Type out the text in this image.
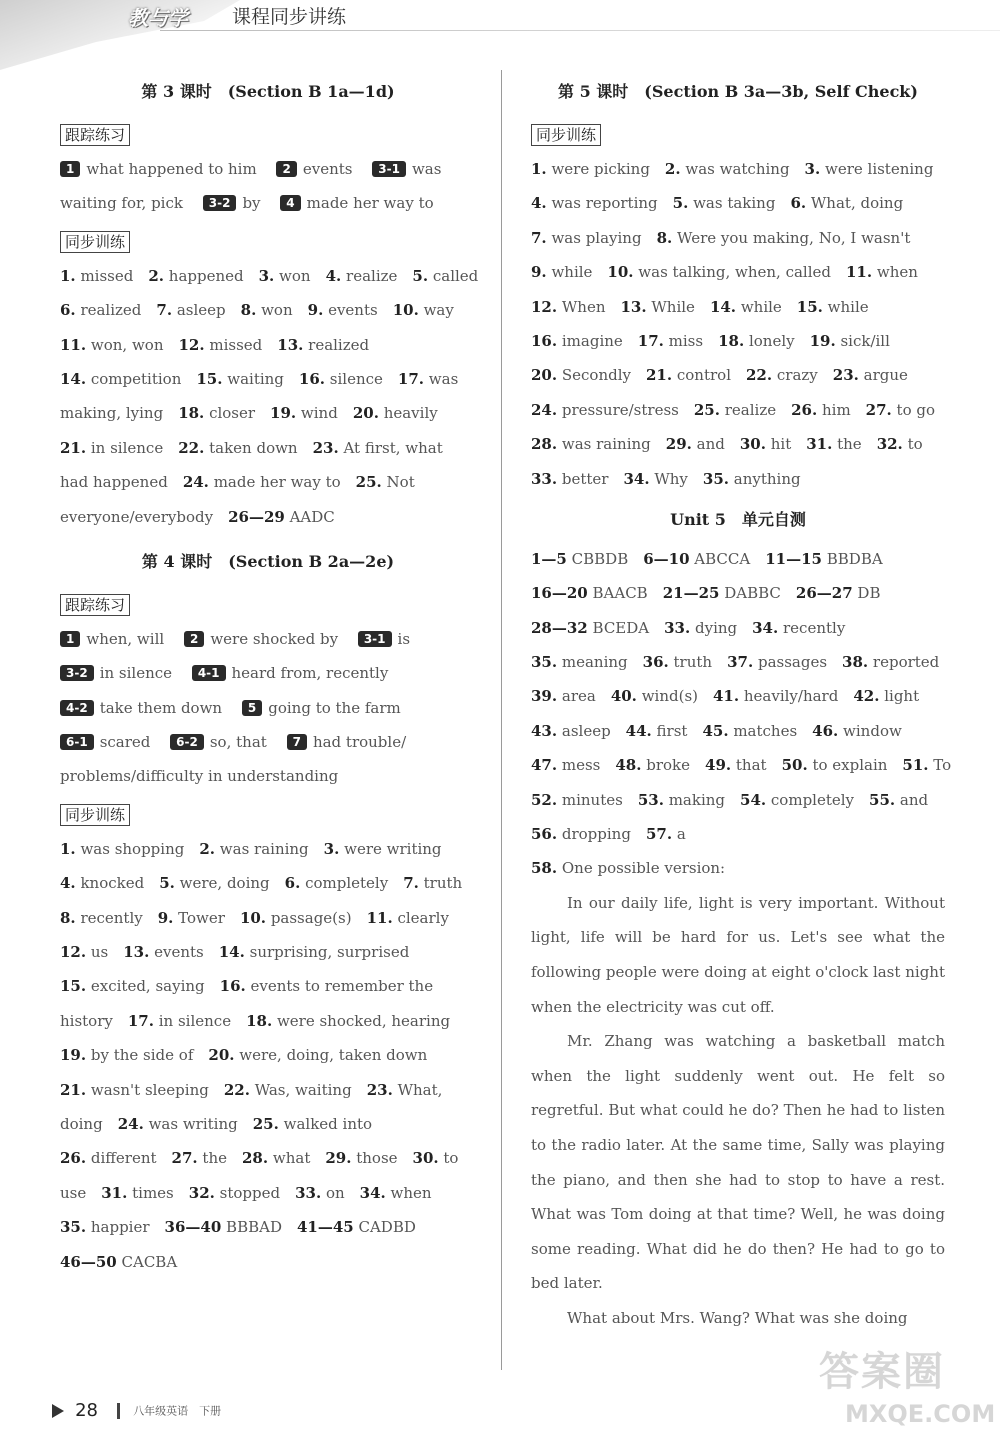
教与学 课程同步讲练
第 3 课时　(Section B 1a—1d)
跟踪练习
1 what happened to him　 2 events　 3-1 was
waiting for, pick　 3-2 by　 4 made her way to
同步训练
1. missed　2. happened　3. won　4. realize　5. called
6. realized　7. asleep　8. won　9. events　10. way
11. won, won　12. missed　13. realized
14. competition　15. waiting　16. silence　17. was
making, lying　18. closer　19. wind　20. heavily
21. in silence　22. taken down　23. At first, what
had happened　24. made her way to　25. Not
everyone/everybody　26—29 AADC
第 4 课时　(Section B 2a—2e)
跟踪练习
1 when, will　 2 were shocked by　 3-1 is
3-2 in silence　 4-1 heard from, recently
4-2 take them down　 5 going to the farm
6-1 scared　 6-2 so, that　 7 had trouble/
problems/difficulty in understanding
同步训练
1. was shopping　2. was raining　3. were writing
4. knocked　5. were, doing　6. completely　7. truth
8. recently　9. Tower　10. passage(s)　11. clearly
12. us　13. events　14. surprising, surprised
15. excited, saying　16. events to remember the
history　17. in silence　18. were shocked, hearing
19. by the side of　20. were, doing, taken down
21. wasn't sleeping　22. Was, waiting　23. What,
doing　24. was writing　25. walked into
26. different　27. the　28. what　29. those　30. to
use　31. times　32. stopped　33. on　34. when
35. happier　36—40 BBBAD　41—45 CADBD
46—50 CACBA
第 5 课时　(Section B 3a—3b, Self Check)
同步训练
1. were picking　2. was watching　3. were listening
4. was reporting　5. was taking　6. What, doing
7. was playing　8. Were you making, No, I wasn't
9. while　10. was talking, when, called　11. when
12. When　13. While　14. while　15. while
16. imagine　17. miss　18. lonely　19. sick/ill
20. Secondly　21. control　22. crazy　23. argue
24. pressure/stress　25. realize　26. him　27. to go
28. was raining　29. and　30. hit　31. the　32. to
33. better　34. Why　35. anything
Unit 5　单元自测
1—5 CBBDB　6—10 ABCCA　11—15 BBDBA
16—20 BAACB　21—25 DABBC　26—27 DB
28—32 BCEDA　33. dying　34. recently
35. meaning　36. truth　37. passages　38. reported
39. area　40. wind(s)　41. heavily/hard　42. light
43. asleep　44. first　45. matches　46. window
47. mess　48. broke　49. that　50. to explain　51. To
52. minutes　53. making　54. completely　55. and
56. dropping　57. a
58. One possible version:
In our daily life, light is very important. Without light, life will be hard for us. Let's see what the following people were doing at eight o'clock last night when the electricity was cut off.
Mr. Zhang was watching a basketball match when the light suddenly went out. He felt so regretful. But what could he do? Then he had to listen to the radio later. At the same time, Sally was playing the piano, and then she had to stop to have a rest. What was Tom doing at that time? Well, he was doing some reading. What did he do then? He had to go to bed later.
What about Mrs. Wang? What was she doing
28	八年级英语　下册
答案圈
MXQE.COM
